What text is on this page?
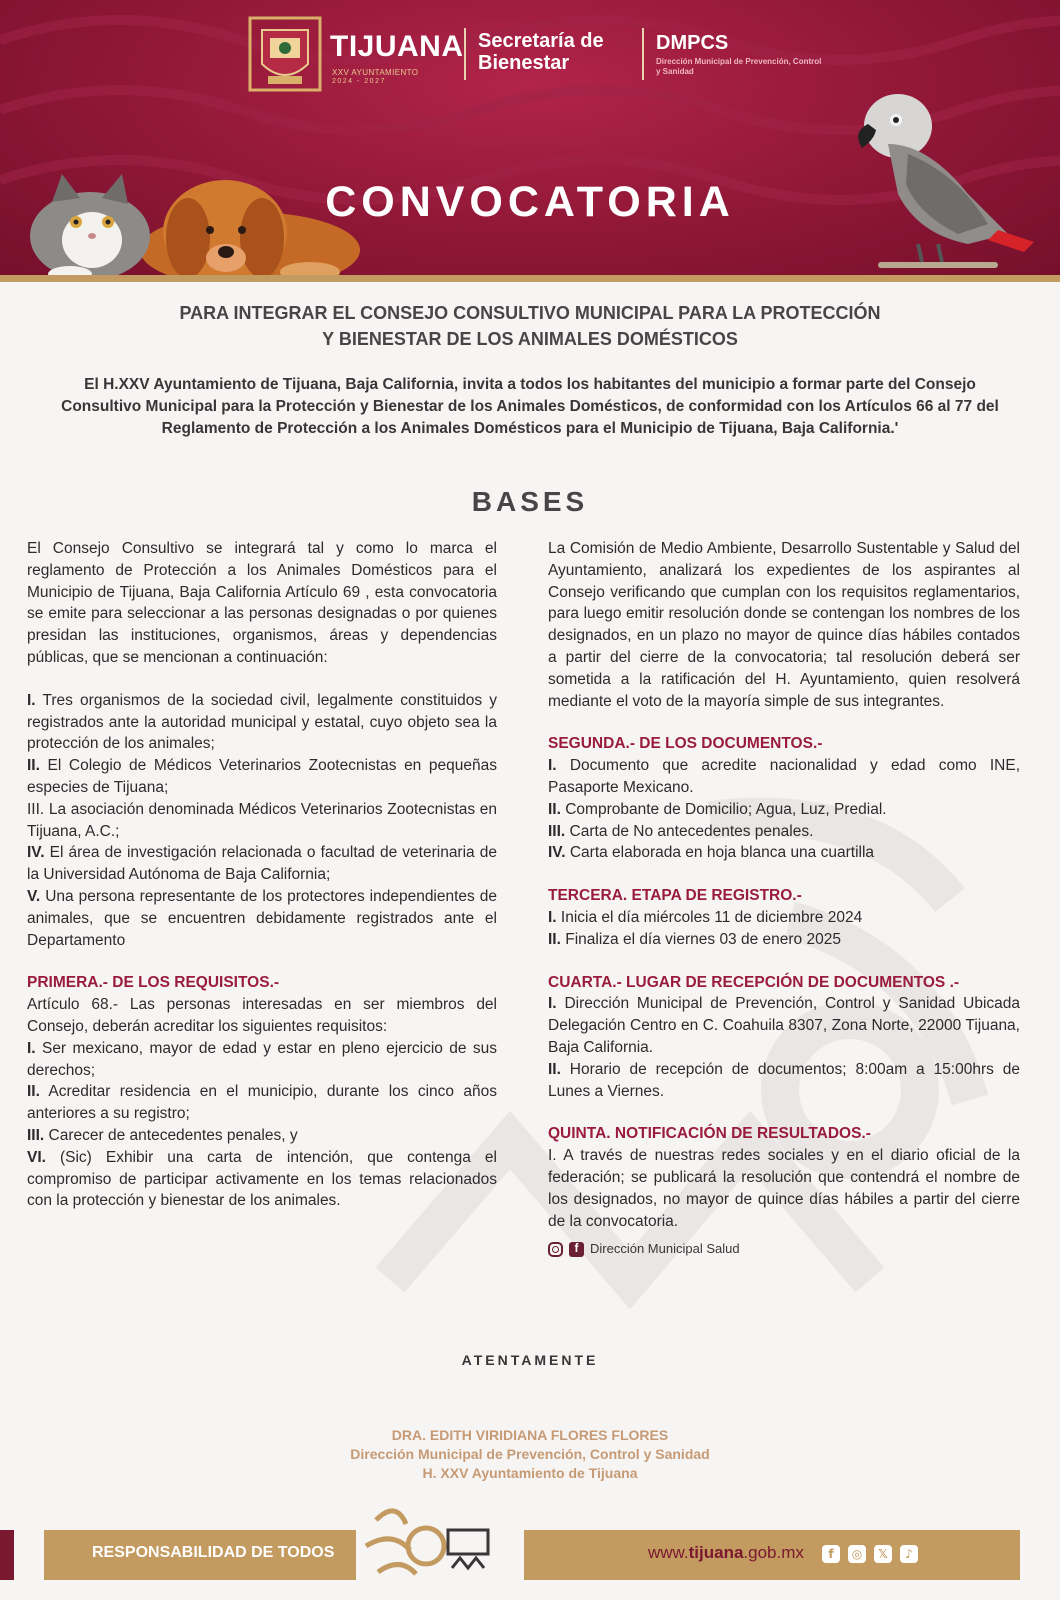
TIJUANA
XXV AYUNTAMIENTO
2024 - 2027
Secretaría de Bienestar
DMPCS
Dirección Municipal de Prevención, Control y Sanidad
CONVOCATORIA
PARA INTEGRAR EL CONSEJO CONSULTIVO MUNICIPAL PARA LA PROTECCIÓN
Y BIENESTAR DE LOS ANIMALES DOMÉSTICOS
El H.XXV Ayuntamiento de Tijuana, Baja California, invita a todos los habitantes del municipio a formar parte del Consejo Consultivo Municipal para la Protección y Bienestar de los Animales Domésticos, de conformidad con los Artículos 66 al 77 del Reglamento de Protección a los Animales Domésticos para el Municipio de Tijuana, Baja California.'
BASES

El Consejo Consultivo se integrará tal y como lo marca el reglamento de Protección a los Animales Domésticos para el Municipio de Tijuana, Baja California Artículo 69 , esta convocatoria se emite para seleccionar a las personas designadas o por quienes presidan las instituciones, organismos, áreas y dependencias públicas, que se mencionan a continuación:

I. Tres organismos de la sociedad civil, legalmente constituidos y registrados ante la autoridad municipal y estatal, cuyo objeto sea la protección de los animales;

II. El Colegio de Médicos Veterinarios Zootecnistas en pequeñas especies de Tijuana;

III. La asociación denominada Médicos Veterinarios Zootecnistas en Tijuana, A.C.;

IV. El área de investigación relacionada o facultad de veterinaria de la Universidad Autónoma de Baja California;

V. Una persona representante de los protectores independientes de animales, que se encuentren debidamente registrados ante el Departamento

PRIMERA.- DE LOS REQUISITOS.-

Artículo 68.- Las personas interesadas en ser miembros del Consejo, deberán acreditar los siguientes requisitos:

I. Ser mexicano, mayor de edad y estar en pleno ejercicio de sus derechos;

II. Acreditar residencia en el municipio, durante los cinco años anteriores a su registro;

III. Carecer de antecedentes penales, y

VI. (Sic) Exhibir una carta de intención, que contenga el compromiso de participar activamente en los temas relacionados con la protección y bienestar de los animales.

La Comisión de Medio Ambiente, Desarrollo Sustentable y Salud del Ayuntamiento, analizará los expedientes de los aspirantes al Consejo verificando que cumplan con los requisitos reglamentarios, para luego emitir resolución donde se contengan los nombres de los designados, en un plazo no mayor de quince días hábiles contados a partir del cierre de la convocatoria; tal resolución deberá ser sometida a la ratificación del H. Ayuntamiento, quien resolverá mediante el voto de la mayoría simple de sus integrantes.

SEGUNDA.- DE LOS DOCUMENTOS.-

I. Documento que acredite nacionalidad y edad como INE, Pasaporte Mexicano.

II. Comprobante de Domicilio; Agua, Luz, Predial.

III. Carta de No antecedentes penales.

IV. Carta elaborada en hoja blanca una cuartilla

TERCERA. ETAPA DE REGISTRO.-

I. Inicia el día miércoles 11 de diciembre 2024

II. Finaliza el día viernes 03 de enero 2025

CUARTA.- LUGAR DE RECEPCIÓN DE DOCUMENTOS .-

I. Dirección Municipal de Prevención, Control y Sanidad Ubicada Delegación Centro en C. Coahuila 8307, Zona Norte, 22000 Tijuana, Baja California.

II. Horario de recepción de documentos; 8:00am a 15:00hrs de Lunes a Viernes.

QUINTA. NOTIFICACIÓN DE RESULTADOS.-

I. A través de nuestras redes sociales y en el diario oficial de la federación; se publicará la resolución que contendrá el nombre de los designados, no mayor de quince días hábiles a partir del cierre de la convocatoria.

f Dirección Municipal Salud
ATENTAMENTE
DRA. EDITH VIRIDIANA FLORES FLORES
Dirección Municipal de Prevención, Control y Sanidad
H. XXV Ayuntamiento de Tijuana
RESPONSABILIDAD DE TODOS	www.tijuana.gob.mx	f	◎	𝕏	♪
